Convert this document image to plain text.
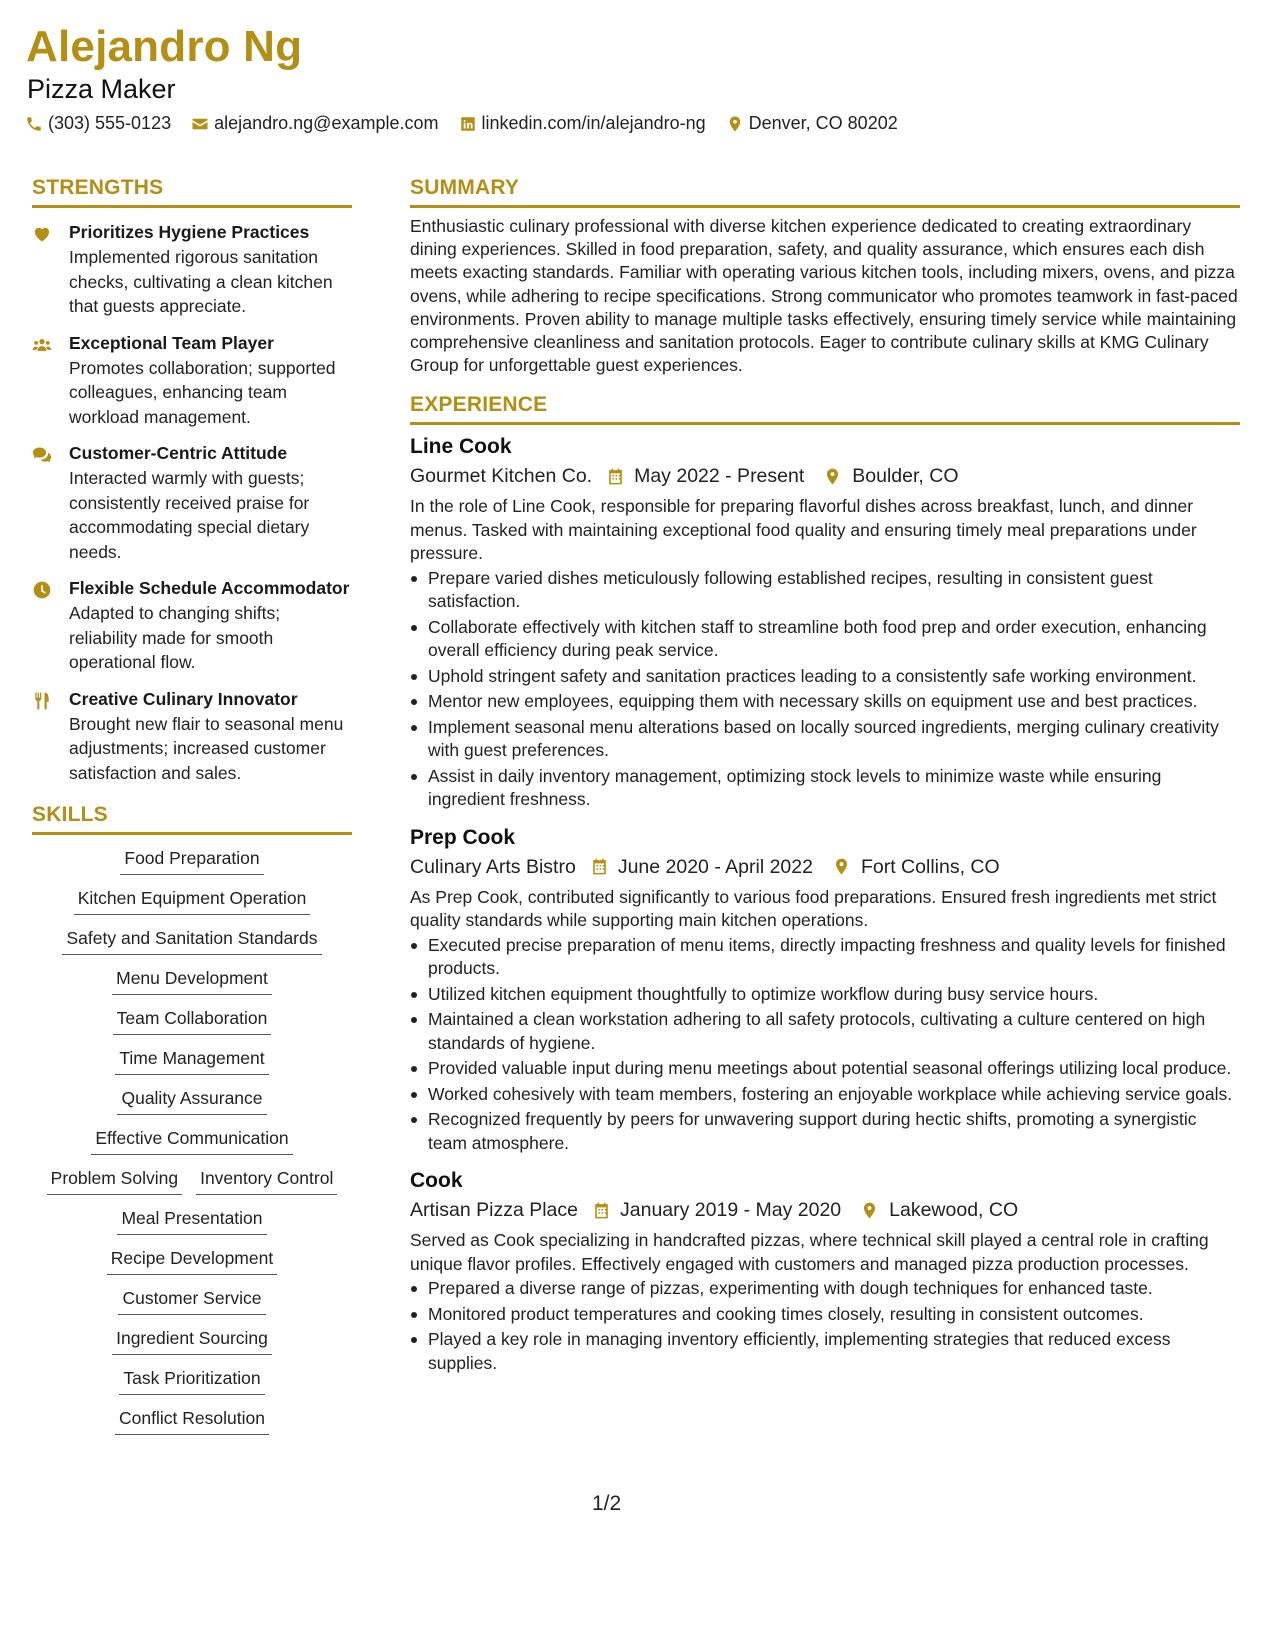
Alejandro Ng
Pizza Maker
(303) 555-0123 alejandro.ng@example.com linkedin.com/in/alejandro-ng Denver, CO 80202
STRENGTHS
Prioritizes Hygiene Practices
Implemented rigorous sanitation checks, cultivating a clean kitchen that guests appreciate.
Exceptional Team Player
Promotes collaboration; supported colleagues, enhancing team workload management.
Customer-Centric Attitude
Interacted warmly with guests; consistently received praise for accommodating special dietary needs.
Flexible Schedule Accommodator
Adapted to changing shifts; reliability made for smooth operational flow.
Creative Culinary Innovator
Brought new flair to seasonal menu adjustments; increased customer satisfaction and sales.
SKILLS
Food Preparation
Kitchen Equipment Operation
Safety and Sanitation Standards
Menu Development
Team Collaboration
Time Management
Quality Assurance
Effective Communication
Problem Solving Inventory Control
Meal Presentation
Recipe Development
Customer Service
Ingredient Sourcing
Task Prioritization
Conflict Resolution
SUMMARY
Enthusiastic culinary professional with diverse kitchen experience dedicated to creating extraordinary dining experiences. Skilled in food preparation, safety, and quality assurance, which ensures each dish meets exacting standards. Familiar with operating various kitchen tools, including mixers, ovens, and pizza ovens, while adhering to recipe specifications. Strong communicator who promotes teamwork in fast-paced environments. Proven ability to manage multiple tasks effectively, ensuring timely service while maintaining comprehensive cleanliness and sanitation protocols. Eager to contribute culinary skills at KMG Culinary Group for unforgettable guest experiences.
EXPERIENCE
Line Cook
Gourmet Kitchen Co. May 2022 - Present Boulder, CO
In the role of Line Cook, responsible for preparing flavorful dishes across breakfast, lunch, and dinner menus. Tasked with maintaining exceptional food quality and ensuring timely meal preparations under pressure.
Prepare varied dishes meticulously following established recipes, resulting in consistent guest satisfaction.
Collaborate effectively with kitchen staff to streamline both food prep and order execution, enhancing overall efficiency during peak service.
Uphold stringent safety and sanitation practices leading to a consistently safe working environment.
Mentor new employees, equipping them with necessary skills on equipment use and best practices.
Implement seasonal menu alterations based on locally sourced ingredients, merging culinary creativity with guest preferences.
Assist in daily inventory management, optimizing stock levels to minimize waste while ensuring ingredient freshness.
Prep Cook
Culinary Arts Bistro June 2020 - April 2022 Fort Collins, CO
As Prep Cook, contributed significantly to various food preparations. Ensured fresh ingredients met strict quality standards while supporting main kitchen operations.
Executed precise preparation of menu items, directly impacting freshness and quality levels for finished products.
Utilized kitchen equipment thoughtfully to optimize workflow during busy service hours.
Maintained a clean workstation adhering to all safety protocols, cultivating a culture centered on high standards of hygiene.
Provided valuable input during menu meetings about potential seasonal offerings utilizing local produce.
Worked cohesively with team members, fostering an enjoyable workplace while achieving service goals.
Recognized frequently by peers for unwavering support during hectic shifts, promoting a synergistic team atmosphere.
Cook
Artisan Pizza Place January 2019 - May 2020 Lakewood, CO
Served as Cook specializing in handcrafted pizzas, where technical skill played a central role in crafting unique flavor profiles. Effectively engaged with customers and managed pizza production processes.
Prepared a diverse range of pizzas, experimenting with dough techniques for enhanced taste.
Monitored product temperatures and cooking times closely, resulting in consistent outcomes.
Played a key role in managing inventory efficiently, implementing strategies that reduced excess supplies.
1/2
